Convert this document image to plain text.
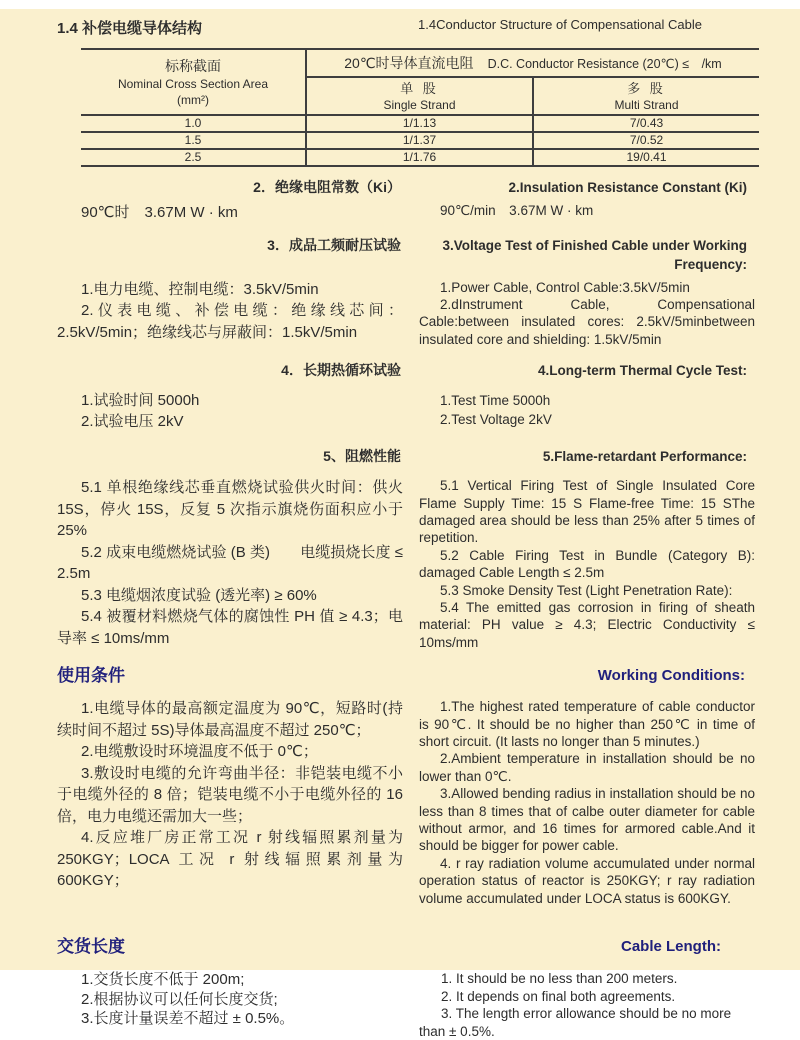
1.4 补偿电缆导体结构	1.4Conductor Structure of Compensational Cable
标称截面
Nominal Cross Section Area
(mm²)
20℃时导体直流电阻 D.C. Conductor Resistance (20℃) ≤　/km
单 股
Single Strand
多 股
Multi Strand
1.0	1/1.13	7/0.43
1.5	1/1.37	7/0.52
2.5	1/1.76	19/0.41
2．绝缘电阻常数（Ki）	2.Insulation Resistance Constant (Ki)

90℃时　3.67M W · km	90℃/min　3.67M W · km

3．成品工频耐压试验	3.Voltage Test of Finished Cable under Working Frequency:

1.电力电缆、控制电缆：3.5kV/5min

2.仪表电缆、补偿电缆：绝缘线芯间：2.5kV/5min；绝缘线芯与屏蔽间：1.5kV/5min

1.Power Cable, Control Cable:3.5kV/5min

2.dInstrument Cable, Compensational Cable:between insulated cores: 2.5kV/5minbetween insulated core and shielding: 1.5kV/5min

4．长期热循环试验	4.Long-term Thermal Cycle Test:

1.试验时间 5000h

2.试验电压 2kV

1.Test Time 5000h

2.Test Voltage 2kV

5、阻燃性能	5.Flame-retardant Performance:

5.1 单根绝缘线芯垂直燃烧试验供火时间：供火15S，停火 15S，反复 5 次指示旗烧伤面积应小于 25%

5.2 成束电缆燃烧试验 (B 类)　　电缆损烧长度 ≤ 2.5m

5.3 电缆烟浓度试验 (透光率) ≥ 60%

5.4 被覆材料燃烧气体的腐蚀性 PH 值 ≥ 4.3；电导率 ≤ 10ms/mm

5.1 Vertical Firing Test of Single Insulated Core Flame Supply Time: 15 S Flame-free Time: 15 SThe damaged area should be less than 25% after 5 times of repetition.

5.2 Cable Firing Test in Bundle (Category B): damaged Cable Length ≤ 2.5m

5.3 Smoke Density Test (Light Penetration Rate):

5.4 The emitted gas corrosion in firing of sheath material: PH value ≥ 4.3; Electric Conductivity ≤ 10ms/mm

使用条件	Working Conditions:

1.电缆导体的最高额定温度为 90℃，短路时(持续时间不超过 5S)导体最高温度不超过 250℃；

2.电缆敷设时环境温度不低于 0℃；

3.敷设时电缆的允许弯曲半径：非铠装电缆不小于电缆外径的 8 倍；铠装电缆不小于电缆外径的 16 倍，电力电缆还需加大一些；

4.反应堆厂房正常工况 r 射线辐照累剂量为 250KGY；LOCA 工况 r 射线辐照累剂量为 600KGY；

1.The highest rated temperature of cable conductor is 90℃. It should be no higher than 250℃ in time of short circuit. (It lasts no longer than 5 minutes.)

2.Ambient temperature in installation should be no lower than 0℃.

3.Allowed bending radius in installation should be no less than 8 times that of calbe outer diameter for cable without armor, and 16 times for armored cable.And it should be bigger for power cable.

4. r ray radiation volume accumulated under normal operation status of reactor is 250KGY; r ray radiation volume accumulated under LOCA status is 600KGY.

交货长度	Cable Length:

1.交货长度不低于 200m;

2.根据协议可以任何长度交货;

3.长度计量误差不超过 ± 0.5%。

1. It should be no less than 200 meters.

2. It depends on final both agreements.

3. The length error allowance should be no more than ± 0.5%.
